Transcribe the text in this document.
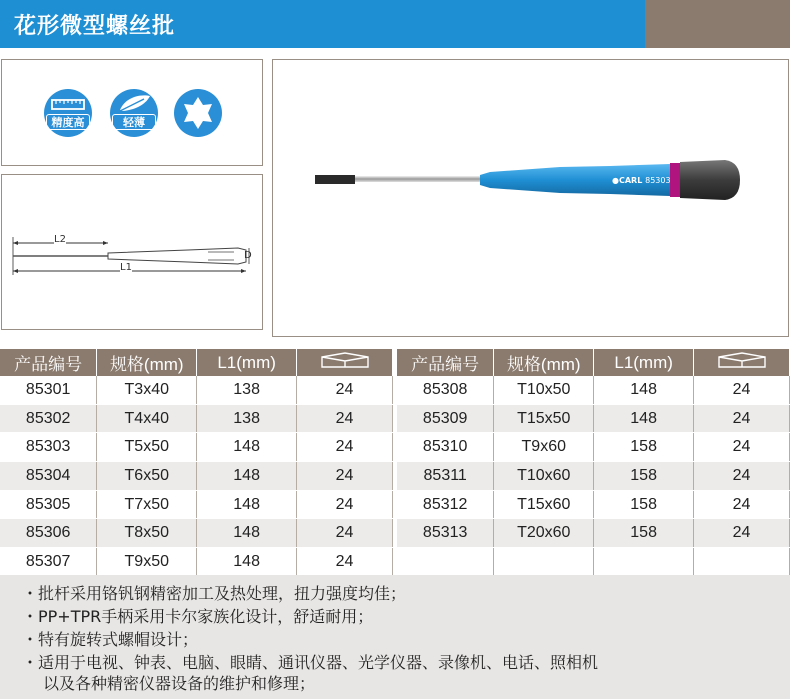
花形微型螺丝批
精度高	轻薄
L2
L1
D
●CARL 85303
产品编号	规格(mm)	L1(mm)	
85301	T3x40	138	24
85302	T4x40	138	24
85303	T5x50	148	24
85304	T6x50	148	24
85305	T7x50	148	24
85306	T8x50	148	24
85307	T9x50	148	24
产品编号	规格(mm)	L1(mm)	
85308	T10x50	148	24
85309	T15x50	148	24
85310	T9x60	158	24
85311	T10x60	158	24
85312	T15x60	158	24
85313	T20x60	158	24

・批杆采用铬钒钢精密加工及热处理，扭力强度均佳；
・PP+TPR手柄采用卡尔家族化设计，舒适耐用；
・特有旋转式螺帽设计；
・适用于电视、钟表、电脑、眼睛、通讯仪器、光学仪器、录像机、电话、照相机
以及各种精密仪器设备的维护和修理；
